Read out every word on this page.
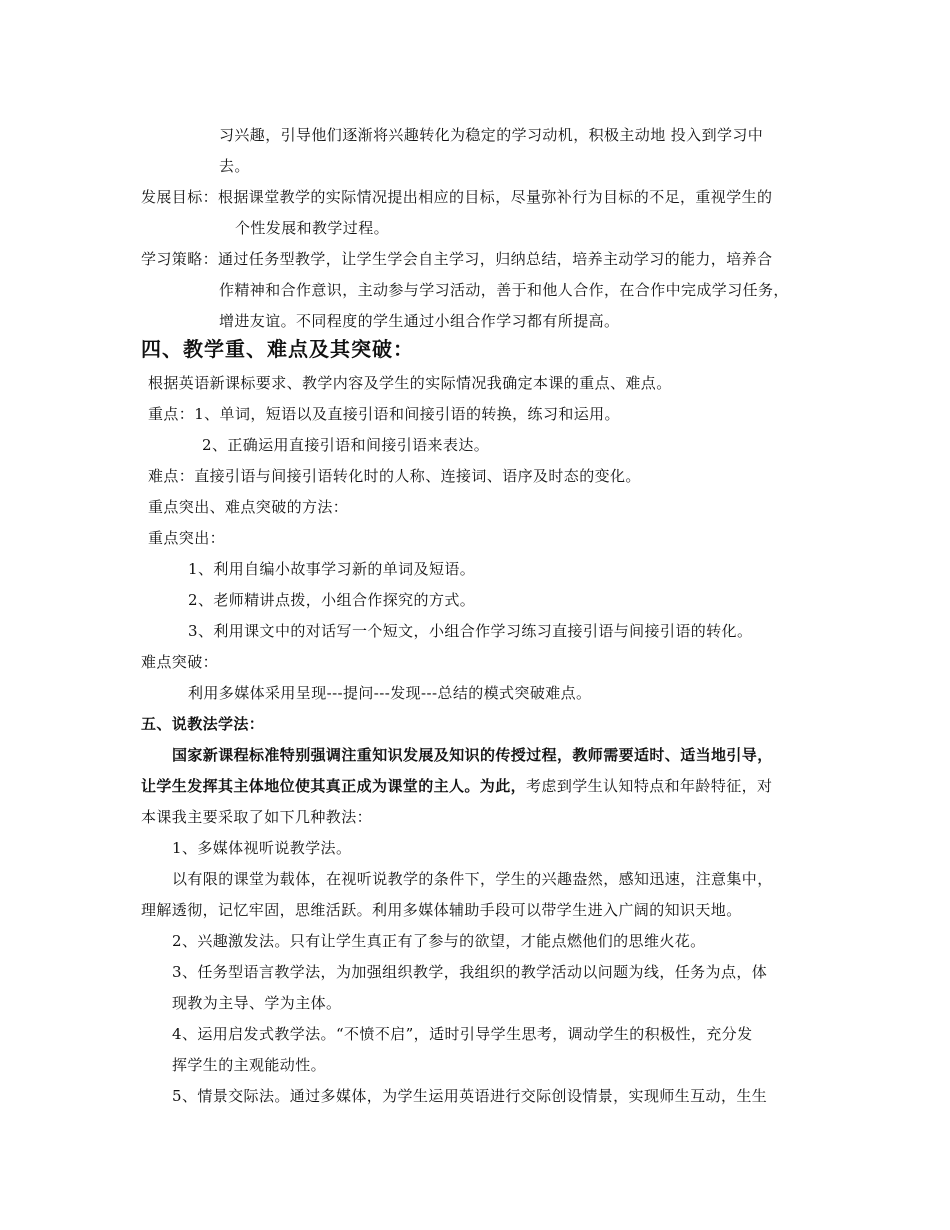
习兴趣，引导他们逐渐将兴趣转化为稳定的学习动机，积极主动地 投入到学习中
去。
发展目标：根据课堂教学的实际情况提出相应的目标，尽量弥补行为目标的不足，重视学生的
个性发展和教学过程。
学习策略：通过任务型教学，让学生学会自主学习，归纳总结，培养主动学习的能力，培养合
作精神和合作意识，主动参与学习活动，善于和他人合作，在合作中完成学习任务，
增进友谊。不同程度的学生通过小组合作学习都有所提高。
四、教学重、难点及其突破：
根据英语新课标要求、教学内容及学生的实际情况我确定本课的重点、难点。
重点：1、单词，短语以及直接引语和间接引语的转换，练习和运用。
2、正确运用直接引语和间接引语来表达。
难点：直接引语与间接引语转化时的人称、连接词、语序及时态的变化。
重点突出、难点突破的方法：
重点突出：
1、利用自编小故事学习新的单词及短语。
2、老师精讲点拨，小组合作探究的方式。
3、利用课文中的对话写一个短文，小组合作学习练习直接引语与间接引语的转化。
难点突破：
利用多媒体采用呈现---提问---发现---总结的模式突破难点。
五、说教法学法：
国家新课程标准特别强调注重知识发展及知识的传授过程，教师需要适时、适当地引导，
让学生发挥其主体地位使其真正成为课堂的主人。为此，考虑到学生认知特点和年龄特征，对
本课我主要采取了如下几种教法：
1、多媒体视听说教学法。
以有限的课堂为载体，在视听说教学的条件下，学生的兴趣盎然，感知迅速，注意集中，
理解透彻，记忆牢固，思维活跃。利用多媒体辅助手段可以带学生进入广阔的知识天地。
2、兴趣激发法。只有让学生真正有了参与的欲望，才能点燃他们的思维火花。
3、任务型语言教学法，为加强组织教学，我组织的教学活动以问题为线，任务为点，体
现教为主导、学为主体。
4、运用启发式教学法。“不愤不启”，适时引导学生思考，调动学生的积极性，充分发
挥学生的主观能动性。
5、情景交际法。通过多媒体，为学生运用英语进行交际创设情景，实现师生互动，生生
